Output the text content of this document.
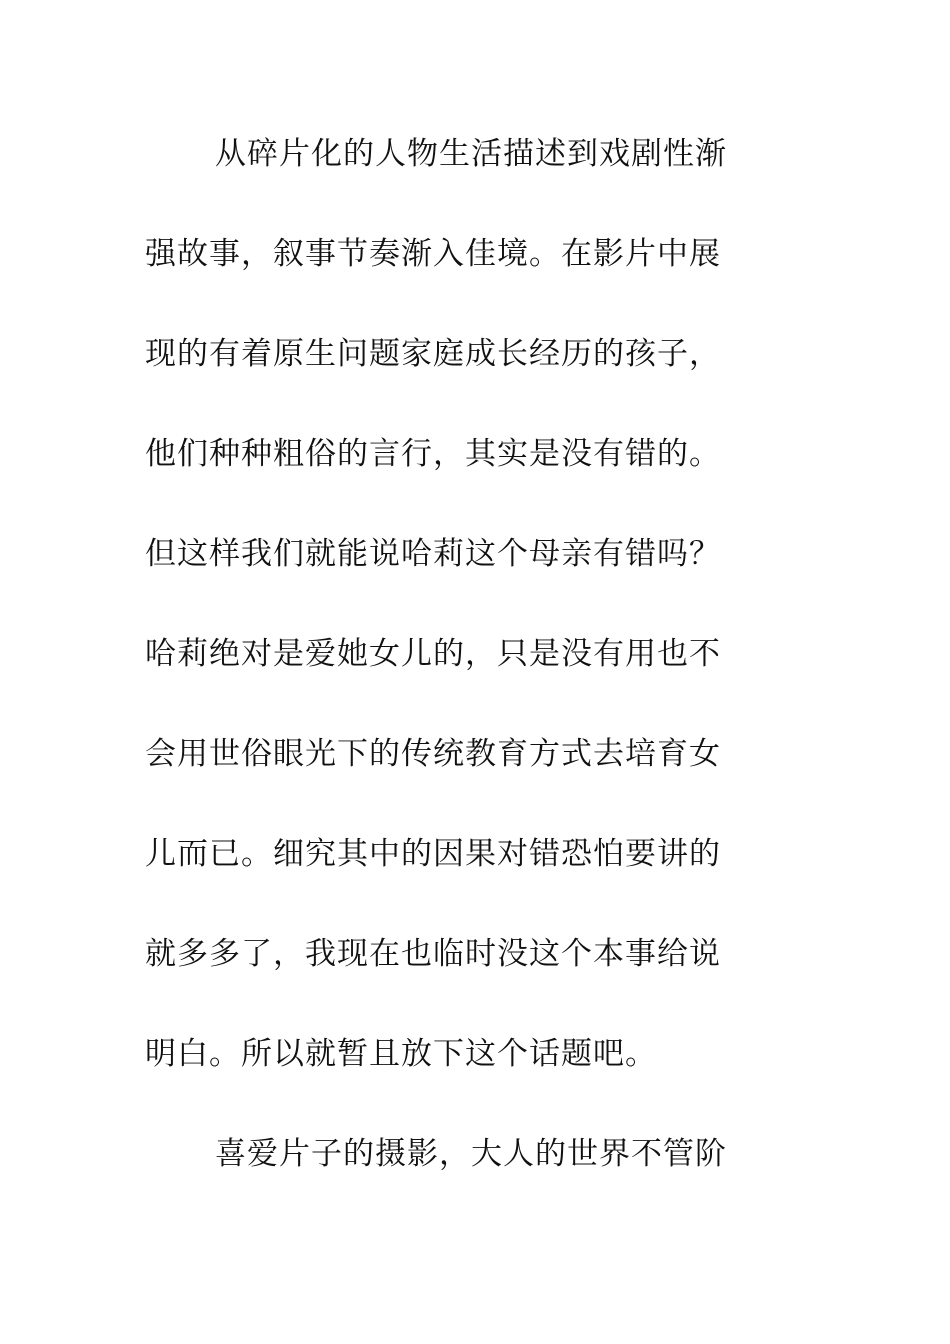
从碎片化的人物生活描述到戏剧性渐
强故事，叙事节奏渐入佳境。在影片中展
现的有着原生问题家庭成长经历的孩子，
他们种种粗俗的言行，其实是没有错的。
但这样我们就能说哈莉这个母亲有错吗？
哈莉绝对是爱她女儿的，只是没有用也不
会用世俗眼光下的传统教育方式去培育女
儿而已。细究其中的因果对错恐怕要讲的
就多多了，我现在也临时没这个本事给说
明白。所以就暂且放下这个话题吧。
喜爱片子的摄影，大人的世界不管阶
